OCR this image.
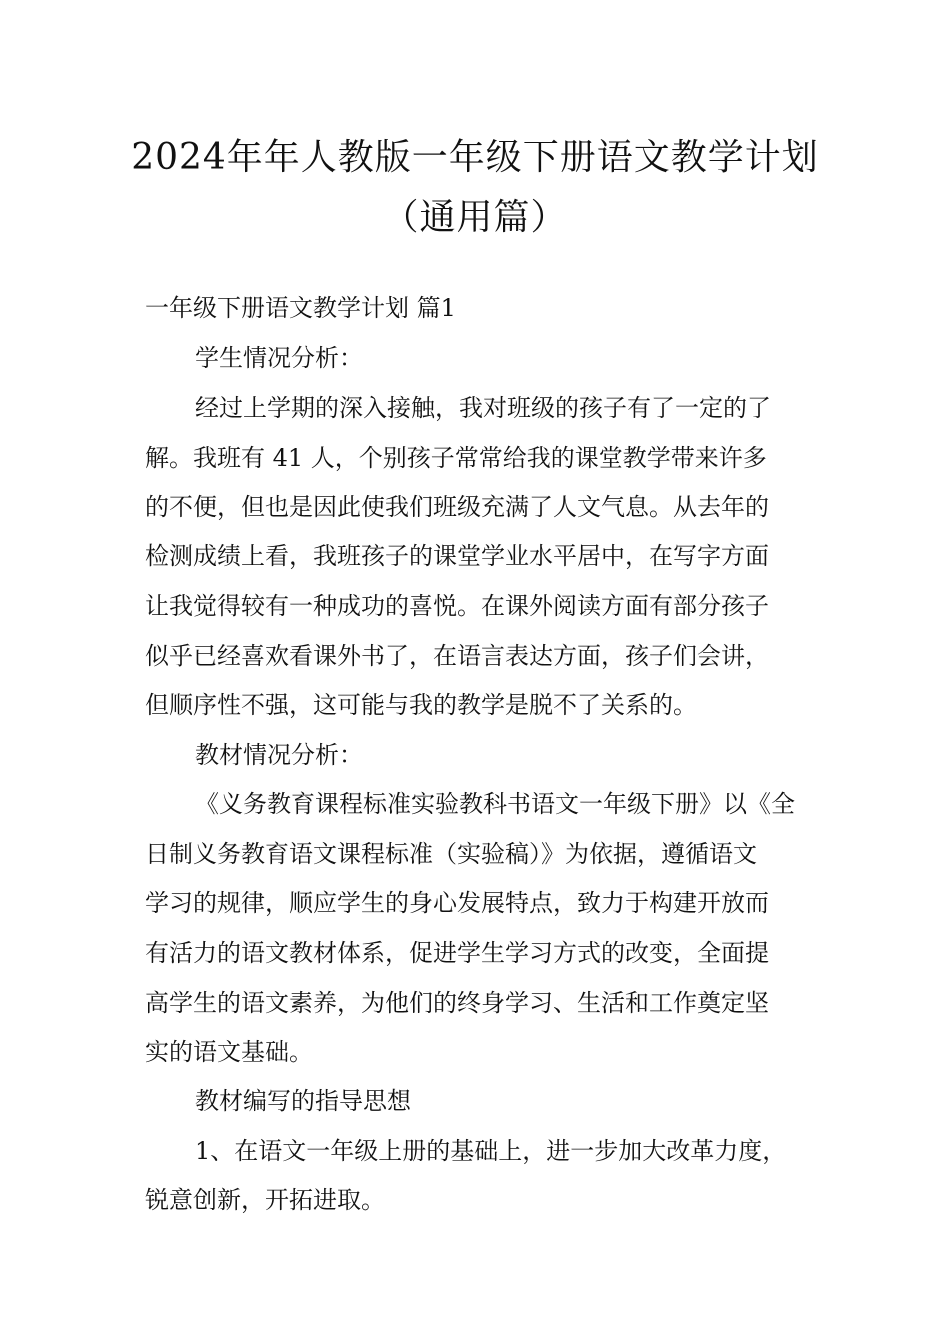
2024年年人教版一年级下册语文教学计划
（通用篇）
一年级下册语文教学计划 篇1
学生情况分析：
经过上学期的深入接触，我对班级的孩子有了一定的了
解。我班有 41 人，个别孩子常常给我的课堂教学带来许多
的不便，但也是因此使我们班级充满了人文气息。从去年的
检测成绩上看，我班孩子的课堂学业水平居中，在写字方面
让我觉得较有一种成功的喜悦。在课外阅读方面有部分孩子
似乎已经喜欢看课外书了，在语言表达方面，孩子们会讲，
但顺序性不强，这可能与我的教学是脱不了关系的。
教材情况分析：
《义务教育课程标准实验教科书语文一年级下册》以《全
日制义务教育语文课程标准（实验稿）》为依据，遵循语文
学习的规律，顺应学生的身心发展特点，致力于构建开放而
有活力的语文教材体系，促进学生学习方式的改变，全面提
高学生的语文素养，为他们的终身学习、生活和工作奠定坚
实的语文基础。
教材编写的指导思想
1、在语文一年级上册的基础上，进一步加大改革力度，
锐意创新，开拓进取。
